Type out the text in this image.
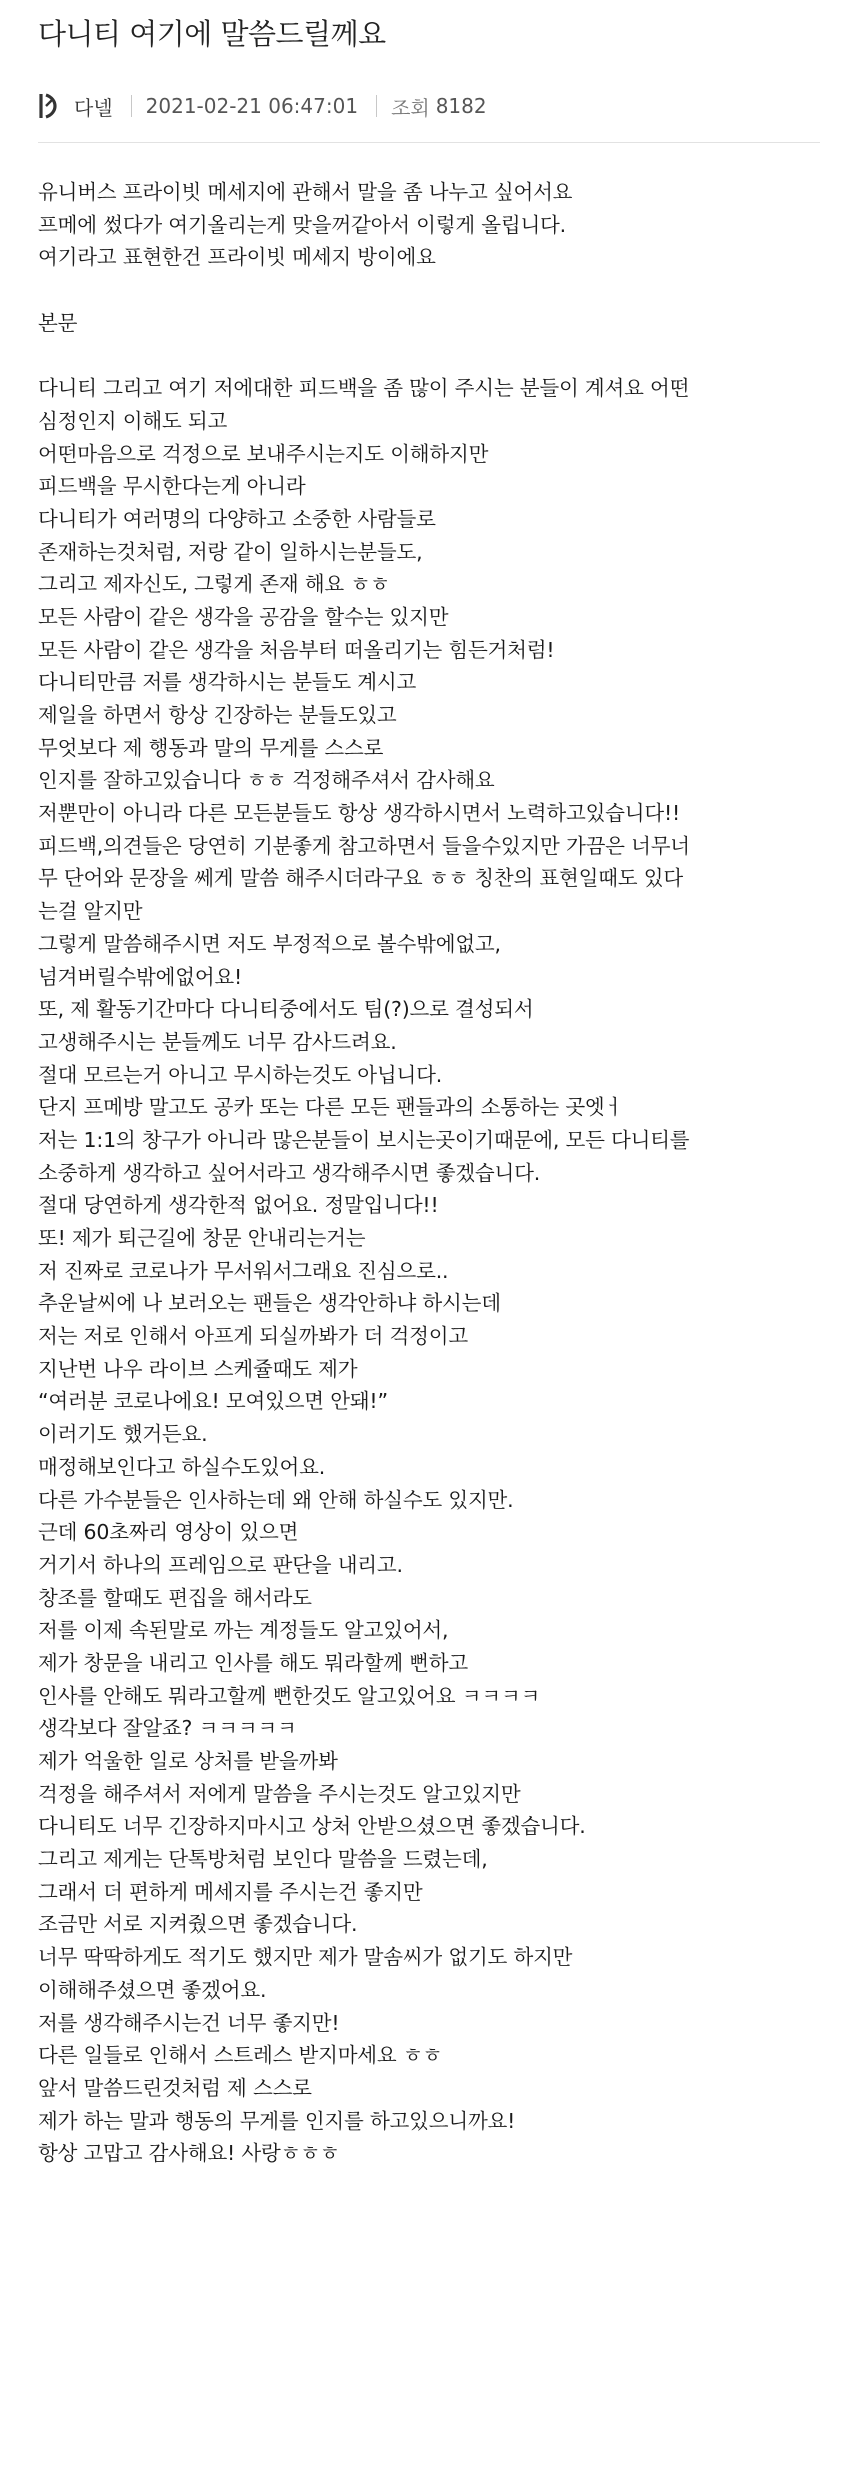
다니티 여기에 말씀드릴께요
다넬 2021-02-21 06:47:01 조회 8182
유니버스 프라이빗 메세지에 관해서 말을 좀 나누고 싶어서요
프메에 썼다가 여기올리는게 맞을꺼같아서 이렇게 올립니다.
여기라고 표현한건 프라이빗 메세지 방이에요
본문
다니티 그리고 여기 저에대한 피드백을 좀 많이 주시는 분들이 계셔요 어떤
심정인지 이해도 되고
어떤마음으로 걱정으로 보내주시는지도 이해하지만
피드백을 무시한다는게 아니라
다니티가 여러명의 다양하고 소중한 사람들로
존재하는것처럼, 저랑 같이 일하시는분들도,
그리고 제자신도, 그렇게 존재 해요 ㅎㅎ
모든 사람이 같은 생각을 공감을 할수는 있지만
모든 사람이 같은 생각을 처음부터 떠올리기는 힘든거처럼!
다니티만큼 저를 생각하시는 분들도 계시고
제일을 하면서 항상 긴장하는 분들도있고
무엇보다 제 행동과 말의 무게를 스스로
인지를 잘하고있습니다 ㅎㅎ 걱정해주셔서 감사해요
저뿐만이 아니라 다른 모든분들도 항상 생각하시면서 노력하고있습니다!!
피드백,의견들은 당연히 기분좋게 참고하면서 들을수있지만 가끔은 너무너
무 단어와 문장을 쎄게 말씀 해주시더라구요 ㅎㅎ 칭찬의 표현일때도 있다
는걸 알지만
그렇게 말씀해주시면 저도 부정적으로 볼수밖에없고,
넘겨버릴수밖에없어요!
또, 제 활동기간마다 다니티중에서도 팀(?)으로 결성되서
고생해주시는 분들께도 너무 감사드려요.
절대 모르는거 아니고 무시하는것도 아닙니다.
단지 프메방 말고도 공카 또는 다른 모든 팬들과의 소통하는 곳엣ㅓ
저는 1:1의 창구가 아니라 많은분들이 보시는곳이기때문에, 모든 다니티를
소중하게 생각하고 싶어서라고 생각해주시면 좋겠습니다.
절대 당연하게 생각한적 없어요. 정말입니다!!
또! 제가 퇴근길에 창문 안내리는거는
저 진짜로 코로나가 무서워서그래요 진심으로..
추운날씨에 나 보러오는 팬들은 생각안하냐 하시는데
저는 저로 인해서 아프게 되실까봐가 더 걱정이고
지난번 나우 라이브 스케쥴때도 제가
“여러분 코로나에요! 모여있으면 안돼!”
이러기도 했거든요.
매정해보인다고 하실수도있어요.
다른 가수분들은 인사하는데 왜 안해 하실수도 있지만.
근데 60초짜리 영상이 있으면
거기서 하나의 프레임으로 판단을 내리고.
창조를 할때도 편집을 해서라도
저를 이제 속된말로 까는 계정들도 알고있어서,
제가 창문을 내리고 인사를 해도 뭐라할께 뻔하고
인사를 안해도 뭐라고할께 뻔한것도 알고있어요 ㅋㅋㅋㅋ
생각보다 잘알죠? ㅋㅋㅋㅋㅋ
제가 억울한 일로 상처를 받을까봐
걱정을 해주셔서 저에게 말씀을 주시는것도 알고있지만
다니티도 너무 긴장하지마시고 상처 안받으셨으면 좋겠습니다.
그리고 제게는 단톡방처럼 보인다 말씀을 드렸는데,
그래서 더 편하게 메세지를 주시는건 좋지만
조금만 서로 지켜줬으면 좋겠습니다.
너무 딱딱하게도 적기도 했지만 제가 말솜씨가 없기도 하지만
이해해주셨으면 좋겠어요.
저를 생각해주시는건 너무 좋지만!
다른 일들로 인해서 스트레스 받지마세요 ㅎㅎ
앞서 말씀드린것처럼 제 스스로
제가 하는 말과 행동의 무게를 인지를 하고있으니까요!
항상 고맙고 감사해요! 사랑ㅎㅎㅎ
